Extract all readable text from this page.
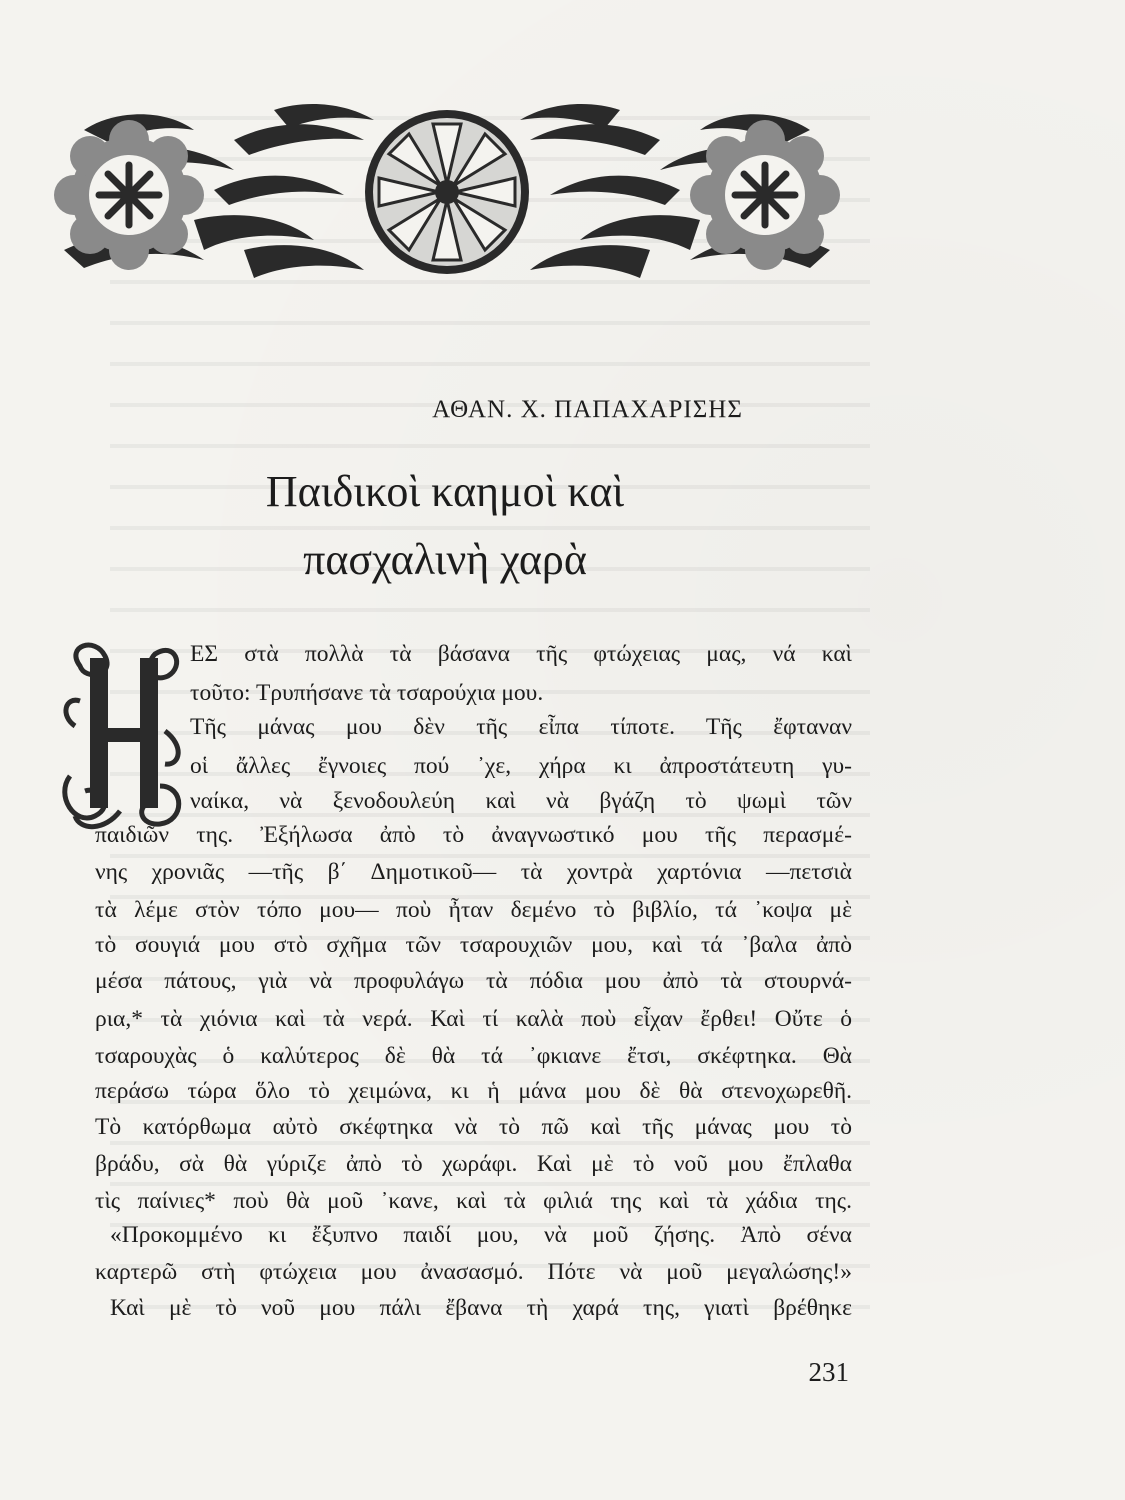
ΑΘΑΝ. Χ. ΠΑΠΑΧΑΡΙΣΗΣ
Παιδικοὶ καημοὶ καὶ
πασχαλινὴ χαρὰ
ΕΣ στὰ πολλὰ τὰ βάσανα τῆς φτώχειας μας, νά καὶ
τοῦτο: Τρυπήσανε τὰ τσαρούχια μου.
Τῆς μάνας μου δὲν τῆς εἶπα τίποτε. Τῆς ἔφταναν
οἱ ἄλλες ἔγνοιες πού ᾽χε, χήρα κι ἀπροστάτευτη γυ-
ναίκα, νὰ ξενοδουλεύη καὶ νὰ βγάζη τὸ ψωμὶ τῶν
παιδιῶν της. Ἐξήλωσα ἀπὸ τὸ ἀναγνωστικό μου τῆς περασμέ-
νης χρονιᾶς —τῆς β΄ Δημοτικοῦ— τὰ χοντρὰ χαρτόνια —πετσιὰ
τὰ λέμε στὸν τόπο μου— ποὺ ἦταν δεμένο τὸ βιβλίο, τά ᾽κοψα μὲ
τὸ σουγιά μου στὸ σχῆμα τῶν τσαρουχιῶν μου, καὶ τά ᾽βαλα ἀπὸ
μέσα πάτους, γιὰ νὰ προφυλάγω τὰ πόδια μου ἀπὸ τὰ στουρνά-
ρια,* τὰ χιόνια καὶ τὰ νερά. Καὶ τί καλὰ ποὺ εἶχαν ἔρθει! Οὔτε ὁ
τσαρουχὰς ὁ καλύτερος δὲ θὰ τά ᾽φκιανε ἔτσι, σκέφτηκα. Θὰ
περάσω τώρα ὅλο τὸ χειμώνα, κι ἡ μάνα μου δὲ θὰ στενοχωρεθῆ.
Τὸ κατόρθωμα αὐτὸ σκέφτηκα νὰ τὸ πῶ καὶ τῆς μάνας μου τὸ
βράδυ, σὰ θὰ γύριζε ἀπὸ τὸ χωράφι. Καὶ μὲ τὸ νοῦ μου ἔπλαθα
τὶς παίνιες* ποὺ θὰ μοῦ ᾽κανε, καὶ τὰ φιλιά της καὶ τὰ χάδια της.
«Προκομμένο κι ἔξυπνο παιδί μου, νὰ μοῦ ζήσης. Ἀπὸ σένα
καρτερῶ στὴ φτώχεια μου ἀνασασμό. Πότε νὰ μοῦ μεγαλώσης!»
Καὶ μὲ τὸ νοῦ μου πάλι ἔβανα τὴ χαρά της, γιατὶ βρέθηκε
231
